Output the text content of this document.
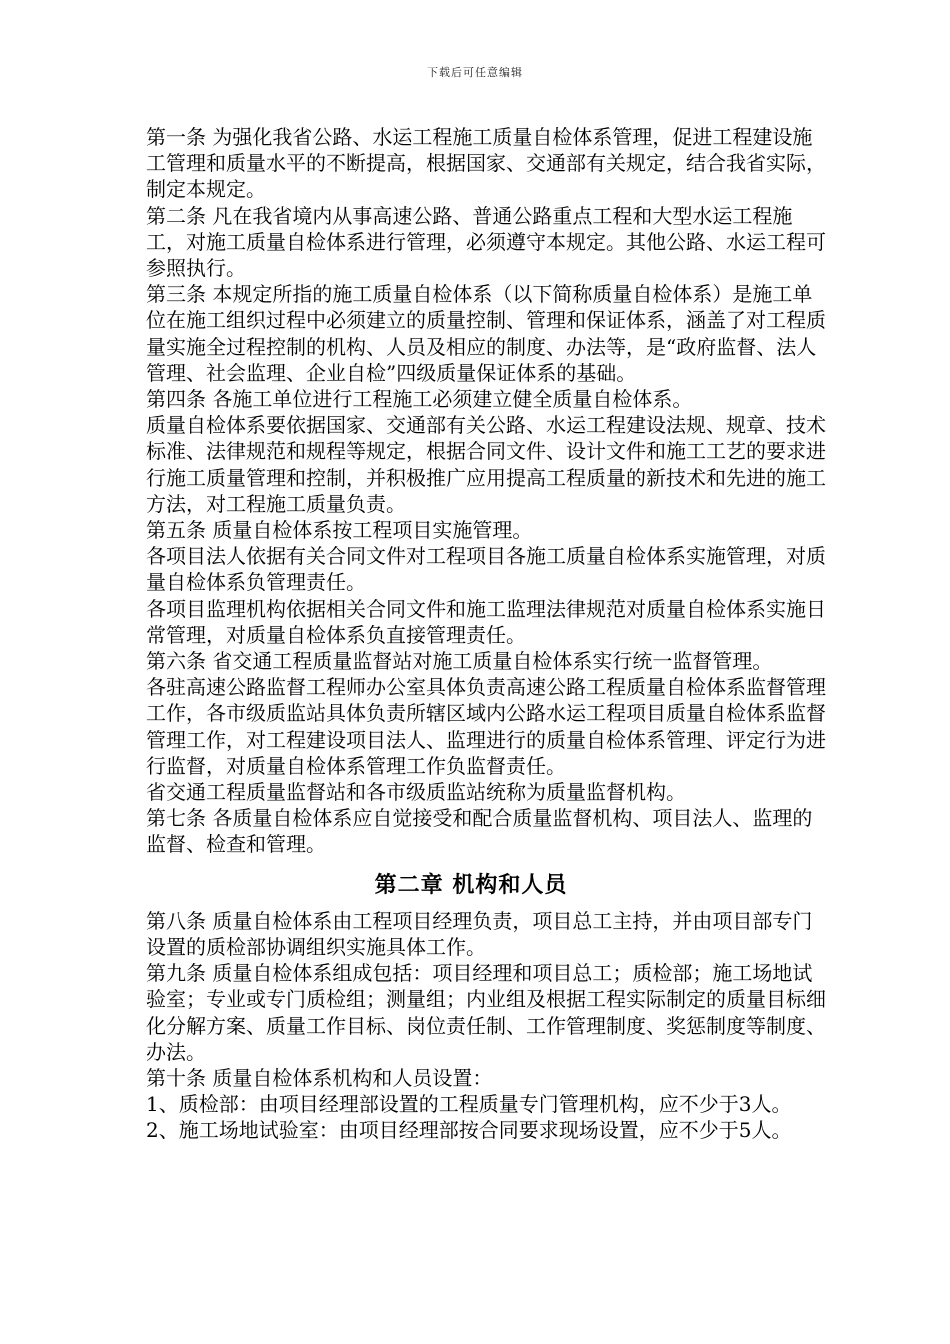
下载后可任意编辑

第一条 为强化我省公路、水运工程施工质量自检体系管理，促进工程建设施工管理和质量水平的不断提高，根据国家、交通部有关规定，结合我省实际，制定本规定。

第二条 凡在我省境内从事高速公路、普通公路重点工程和大型水运工程施工，对施工质量自检体系进行管理，必须遵守本规定。其他公路、水运工程可参照执行。

第三条 本规定所指的施工质量自检体系（以下简称质量自检体系）是施工单位在施工组织过程中必须建立的质量控制、管理和保证体系，涵盖了对工程质量实施全过程控制的机构、人员及相应的制度、办法等，是“政府监督、法人管理、社会监理、企业自检”四级质量保证体系的基础。

第四条 各施工单位进行工程施工必须建立健全质量自检体系。

质量自检体系要依据国家、交通部有关公路、水运工程建设法规、规章、技术标准、法律规范和规程等规定，根据合同文件、设计文件和施工工艺的要求进行施工质量管理和控制，并积极推广应用提高工程质量的新技术和先进的施工方法，对工程施工质量负责。

第五条 质量自检体系按工程项目实施管理。

各项目法人依据有关合同文件对工程项目各施工质量自检体系实施管理，对质量自检体系负管理责任。

各项目监理机构依据相关合同文件和施工监理法律规范对质量自检体系实施日常管理，对质量自检体系负直接管理责任。

第六条 省交通工程质量监督站对施工质量自检体系实行统一监督管理。

各驻高速公路监督工程师办公室具体负责高速公路工程质量自检体系监督管理工作，各市级质监站具体负责所辖区域内公路水运工程项目质量自检体系监督管理工作，对工程建设项目法人、监理进行的质量自检体系管理、评定行为进行监督，对质量自检体系管理工作负监督责任。

省交通工程质量监督站和各市级质监站统称为质量监督机构。

第七条 各质量自检体系应自觉接受和配合质量监督机构、项目法人、监理的监督、检查和管理。

第二章 机构和人员

第八条 质量自检体系由工程项目经理负责，项目总工主持，并由项目部专门设置的质检部协调组织实施具体工作。

第九条 质量自检体系组成包括：项目经理和项目总工；质检部；施工场地试验室；专业或专门质检组；测量组；内业组及根据工程实际制定的质量目标细化分解方案、质量工作目标、岗位责任制、工作管理制度、奖惩制度等制度、办法。

第十条 质量自检体系机构和人员设置：

1、质检部：由项目经理部设置的工程质量专门管理机构，应不少于3人。

2、施工场地试验室：由项目经理部按合同要求现场设置，应不少于5人。
